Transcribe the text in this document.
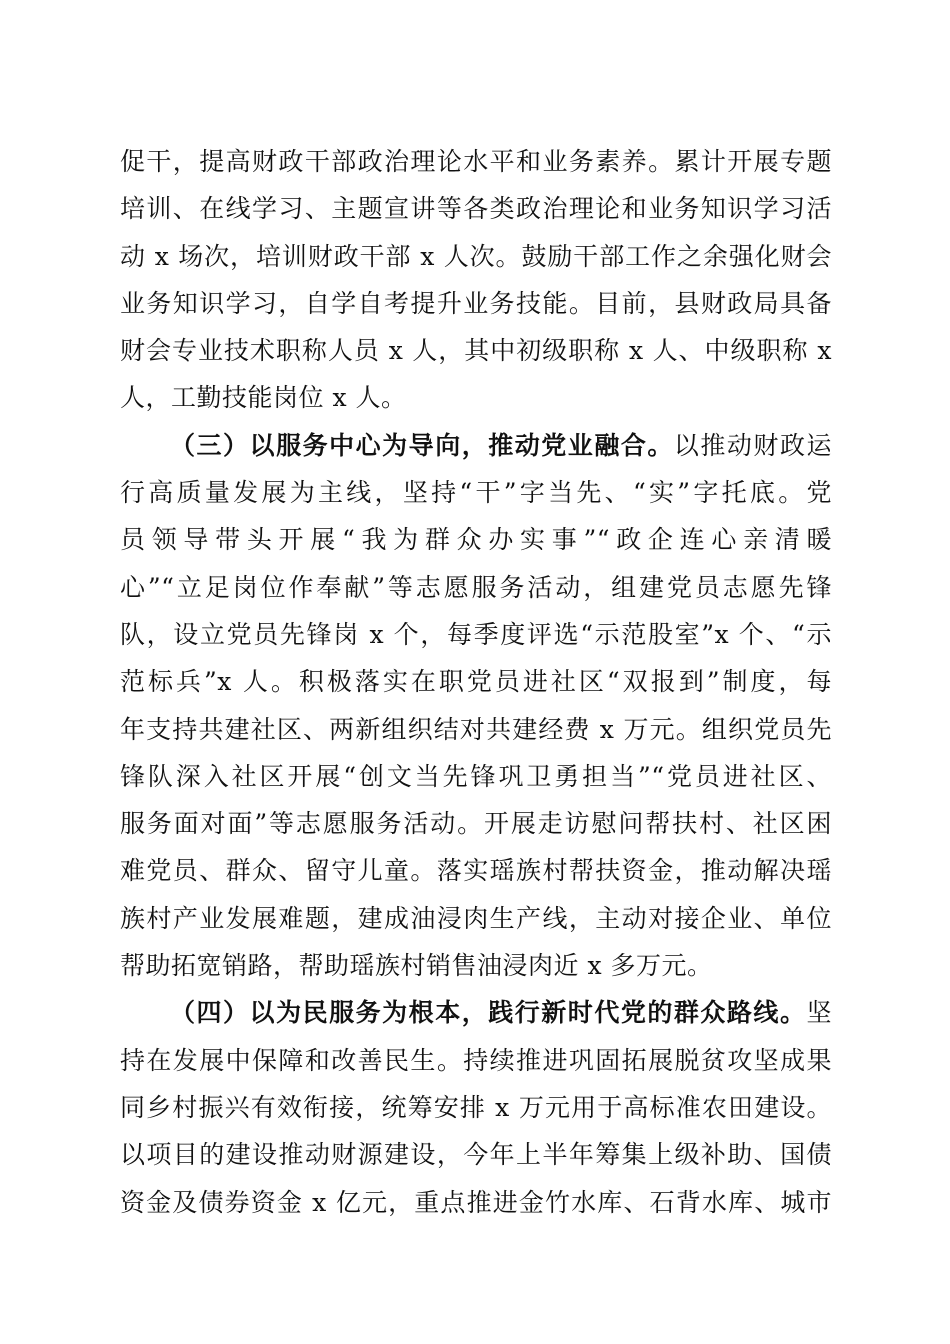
促干，提高财政干部政治理论水平和业务素养。累计开展专题
培训、在线学习、主题宣讲等各类政治理论和业务知识学习活
动 x 场次，培训财政干部 x 人次。鼓励干部工作之余强化财会
业务知识学习，自学自考提升业务技能。目前，县财政局具备
财会专业技术职称人员 x 人，其中初级职称 x 人、中级职称 x
人，工勤技能岗位 x 人。
（三）以服务中心为导向，推动党业融合。以推动财政运
行高质量发展为主线，坚持“干”字当先、“实”字托底。党
员领导带头开展“我为群众办实事”“政企连心亲清暖
心”“立足岗位作奉献”等志愿服务活动，组建党员志愿先锋
队，设立党员先锋岗 x 个，每季度评选“示范股室”x 个、“示
范标兵”x 人。积极落实在职党员进社区“双报到”制度，每
年支持共建社区、两新组织结对共建经费 x 万元。组织党员先
锋队深入社区开展“创文当先锋巩卫勇担当”“党员进社区、
服务面对面”等志愿服务活动。开展走访慰问帮扶村、社区困
难党员、群众、留守儿童。落实瑶族村帮扶资金，推动解决瑶
族村产业发展难题，建成油浸肉生产线，主动对接企业、单位
帮助拓宽销路，帮助瑶族村销售油浸肉近 x 多万元。
（四）以为民服务为根本，践行新时代党的群众路线。坚
持在发展中保障和改善民生。持续推进巩固拓展脱贫攻坚成果
同乡村振兴有效衔接，统筹安排 x 万元用于高标准农田建设。
以项目的建设推动财源建设，今年上半年筹集上级补助、国债
资金及债券资金 x 亿元，重点推进金竹水库、石背水库、城市
